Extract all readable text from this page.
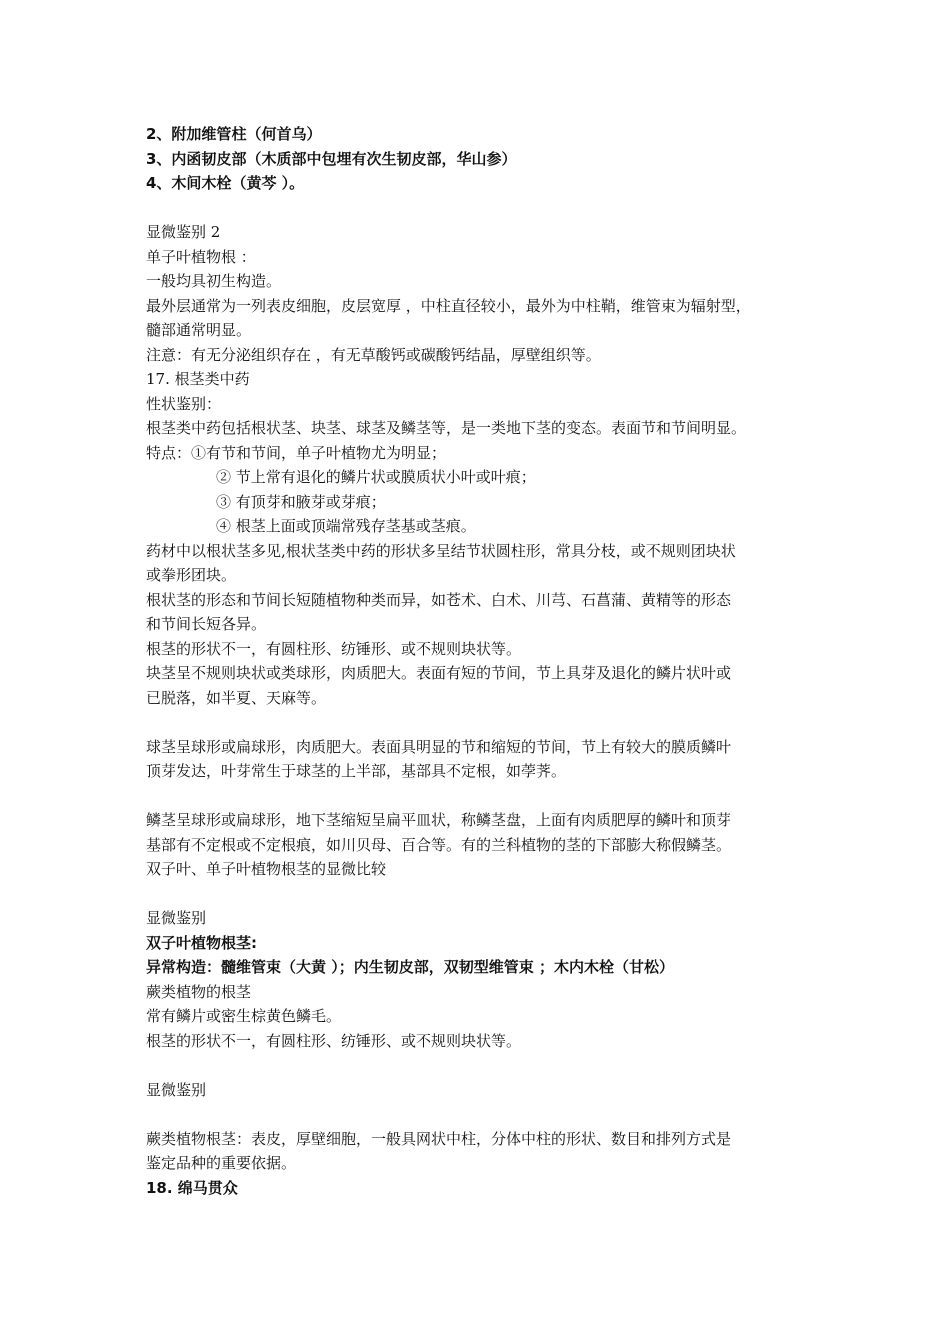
2、附加维管柱（何首乌）
3、内函韧皮部（木质部中包埋有次生韧皮部，华山参）
4、木间木栓（黄芩 ）。
显微鉴别 2
单子叶植物根 ：
一般均具初生构造。
最外层通常为一列表皮细胞，皮层宽厚 ，中柱直径较小，最外为中柱鞘，维管束为辐射型，
髓部通常明显。
注意：有无分泌组织存在 ，有无草酸钙或碳酸钙结晶，厚壁组织等。
17. 根茎类中药
性状鉴别：
根茎类中药包括根状茎、块茎、球茎及鳞茎等，是一类地下茎的变态。表面节和节间明显。
特点：①有节和节间，单子叶植物尤为明显；
② 节上常有退化的鳞片状或膜质状小叶或叶痕；
③ 有顶芽和腋芽或芽痕；
④ 根茎上面或顶端常残存茎基或茎痕。
药材中以根状茎多见,根状茎类中药的形状多呈结节状圆柱形，常具分枝，或不规则团块状
或拳形团块。
根状茎的形态和节间长短随植物种类而异，如苍术、白术、川芎、石菖蒲、黄精等的形态
和节间长短各异。
根茎的形状不一，有圆柱形、纺锤形、或不规则块状等。
块茎呈不规则块状或类球形，肉质肥大。表面有短的节间，节上具芽及退化的鳞片状叶或
已脱落，如半夏、天麻等。
球茎呈球形或扁球形，肉质肥大。表面具明显的节和缩短的节间，节上有较大的膜质鳞叶
顶芽发达，叶芽常生于球茎的上半部，基部具不定根，如荸荠。
鳞茎呈球形或扁球形，地下茎缩短呈扁平皿状，称鳞茎盘，上面有肉质肥厚的鳞叶和顶芽
基部有不定根或不定根痕，如川贝母、百合等。有的兰科植物的茎的下部膨大称假鳞茎。
双子叶、单子叶植物根茎的显微比较
显微鉴别
双子叶植物根茎:
异常构造：髓维管束（大黄 ）；内生韧皮部，双韧型维管束 ；木内木栓（甘松）
蕨类植物的根茎
常有鳞片或密生棕黄色鳞毛。
根茎的形状不一，有圆柱形、纺锤形、或不规则块状等。
显微鉴别
蕨类植物根茎：表皮，厚壁细胞，一般具网状中柱，分体中柱的形状、数目和排列方式是
鉴定品种的重要依据。
18. 绵马贯众
